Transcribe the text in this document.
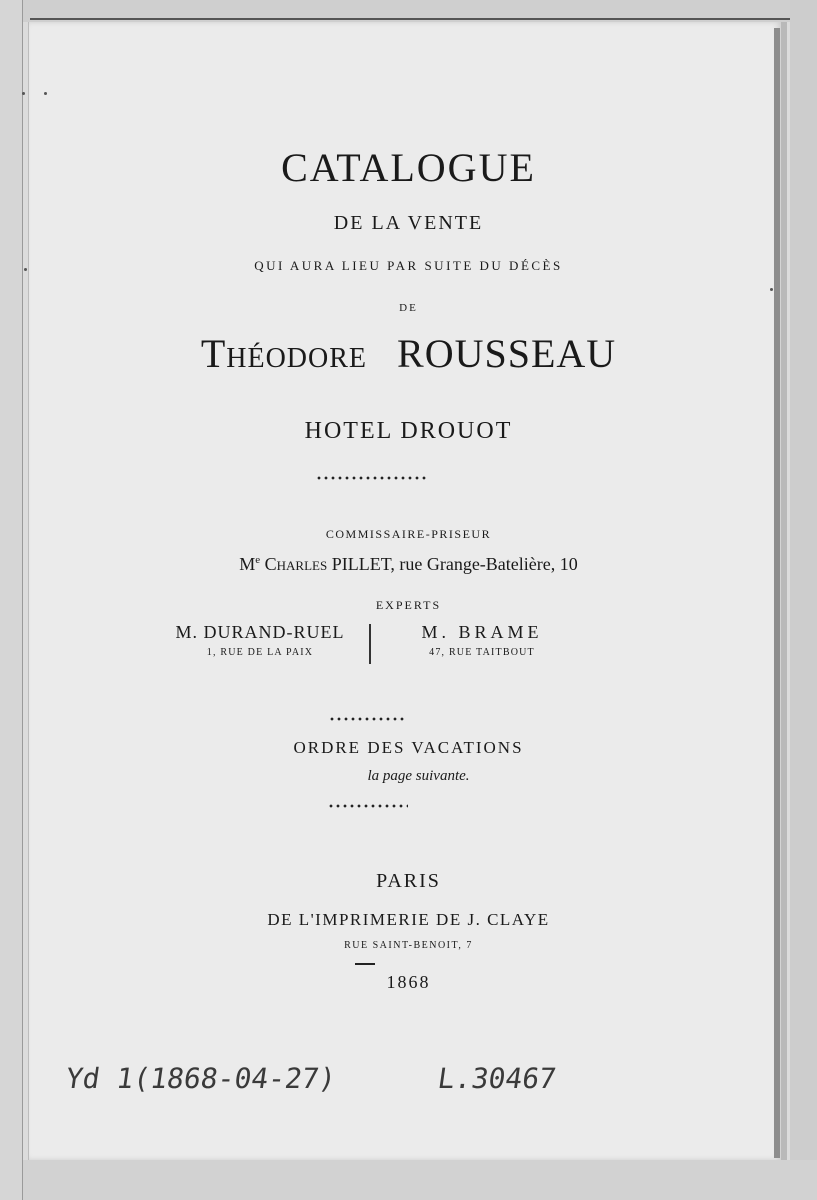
CATALOGUE
DE LA VENTE
QUI AURA LIEU PAR SUITE DU DÉCÈS
DE
Théodore ROUSSEAU
HOTEL DROUOT
COMMISSAIRE-PRISEUR
Me Charles PILLET, rue Grange-Batelière, 10
EXPERTS
M. DURAND-RUEL
1, RUE DE LA PAIX
M. BRAME
47, RUE TAITBOUT
ORDRE DES VACATIONS
la page suivante.
PARIS
DE L'IMPRIMERIE DE J. CLAYE
RUE SAINT-BENOIT, 7
1868
Yd 1(1868-04-27)	L.30467
